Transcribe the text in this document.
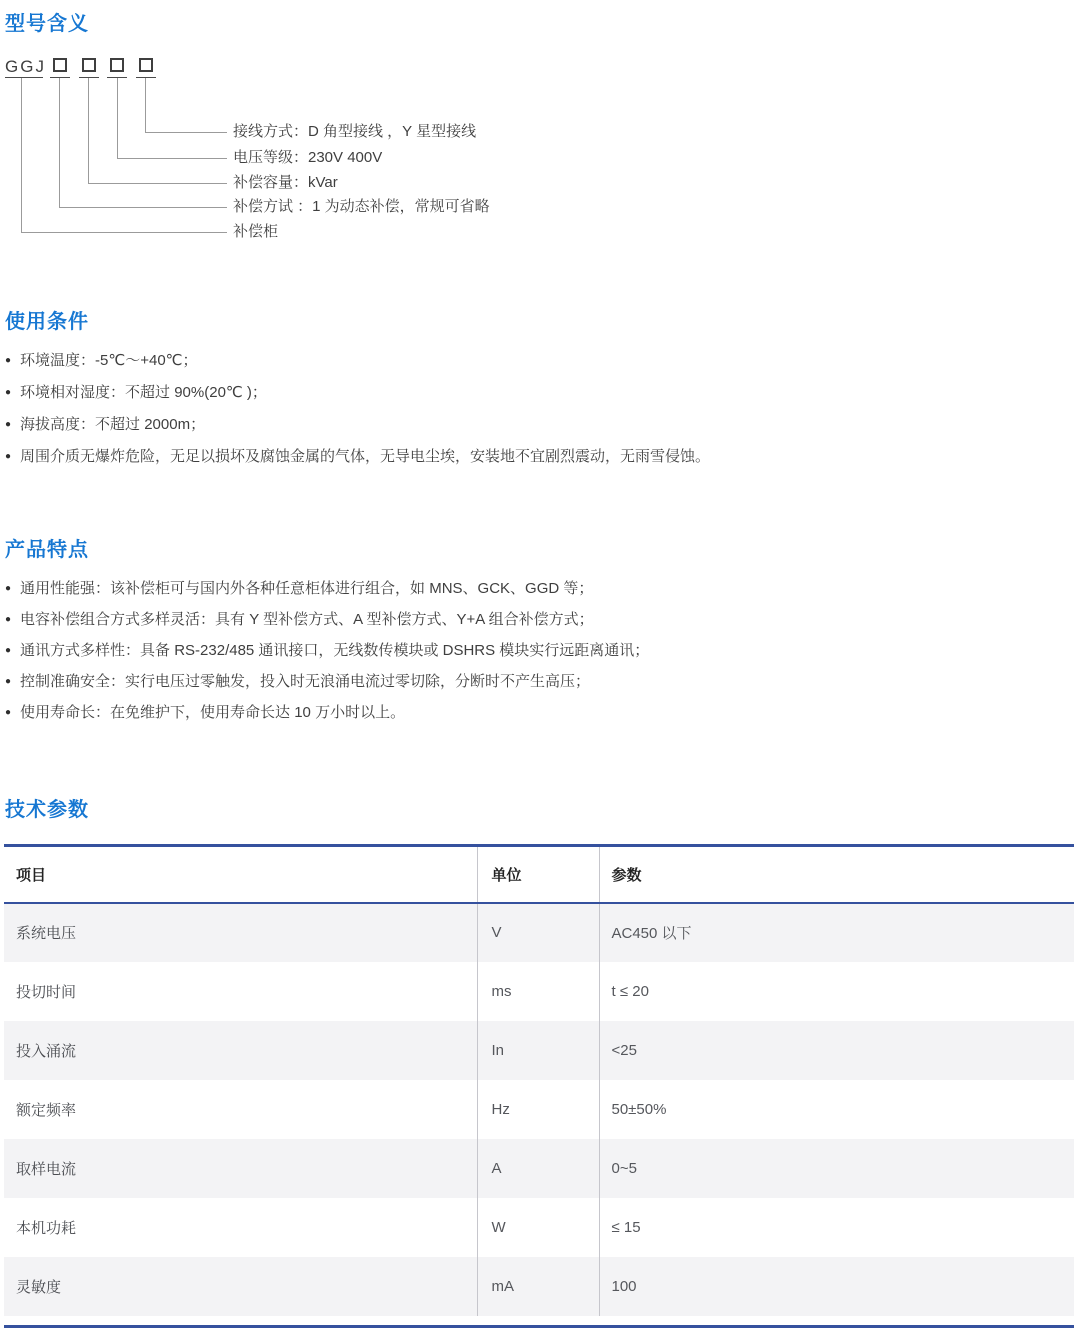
型号含义
GGJ
接线方式：D 角型接线 ，Y 星型接线
电压等级：230V 400V
补偿容量：kVar
补偿方试 ：1 为动态补偿，常规可省略
补偿柜
使用条件
● 环境温度：-5℃～+40℃；
● 环境相对湿度：不超过 90%(20℃ )；
● 海拔高度：不超过 2000m；
● 周围介质无爆炸危险，无足以损坏及腐蚀金属的气体，无导电尘埃，安装地不宜剧烈震动，无雨雪侵蚀。
产品特点
● 通用性能强：该补偿柜可与国内外各种任意柜体进行组合，如 MNS、GCK、GGD 等；
● 电容补偿组合方式多样灵活：具有 Y 型补偿方式、A 型补偿方式、Y+A 组合补偿方式；
● 通讯方式多样性：具备 RS-232/485 通讯接口，无线数传模块或 DSHRS 模块实行远距离通讯；
● 控制准确安全：实行电压过零触发，投入时无浪涌电流过零切除，分断时不产生高压；
● 使用寿命长：在免维护下，使用寿命长达 10 万小时以上。
技术参数
项目	单位	参数
系统电压	V	AC450 以下
投切时间	ms	t ≤ 20
投入涌流	In	<25
额定频率	Hz	50±50%
取样电流	A	0~5
本机功耗	W	≤ 15
灵敏度	mA	100
